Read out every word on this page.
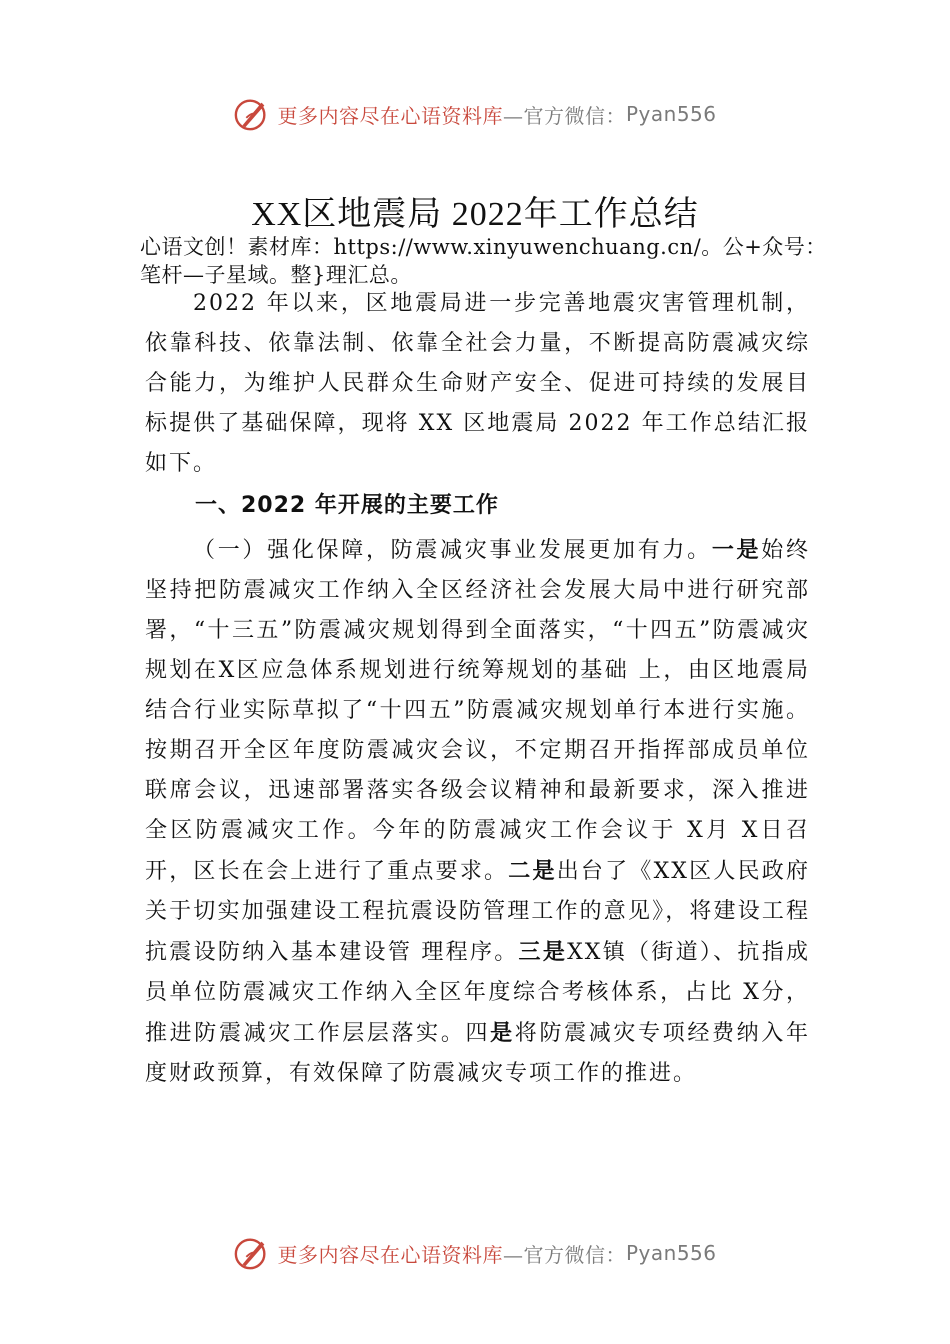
更多内容尽在心语资料库 —官方微信： Pyan556
XX区地震局 2022年工作总结
心语文创！素材库：https://www.xinyuwenchuang.cn/。公+众号：笔杆—子星域。整}理汇总。
2022 年以来，区地震局进一步完善地震灾害管理机制，依靠科技、依靠法制、依靠全社会力量，不断提高防震减灾综合能力，为维护人民群众生命财产安全、促进可持续的发展目标提供了基础保障，现将 XX 区地震局 2022 年工作总结汇报如下。
一、2022 年开展的主要工作
（一）强化保障，防震减灾事业发展更加有力。一是始终坚持把防震减灾工作纳入全区经济社会发展大局中进行研究部署，“十三五”防震减灾规划得到全面落实，“十四五”防震减灾规划在X区应急体系规划进行统筹规划的基础 上，由区地震局结合行业实际草拟了“十四五”防震减灾规划单行本进行实施。按期召开全区年度防震减灾会议，不定期召开指挥部成员单位联席会议，迅速部署落实各级会议精神和最新要求，深入推进全区防震减灾工作。今年的防震减灾工作会议于 X月 X日召开，区长在会上进行了重点要求。二是出台了《XX区人民政府关于切实加强建设工程抗震设防管理工作的意见》，将建设工程抗震设防纳入基本建设管 理程序。三是XX镇（街道）、抗指成员单位防震减灾工作纳入全区年度综合考核体系，占比 X分，推进防震减灾工作层层落实。四是将防震减灾专项经费纳入年度财政预算，有效保障了防震减灾专项工作的推进。
更多内容尽在心语资料库 —官方微信： Pyan556
